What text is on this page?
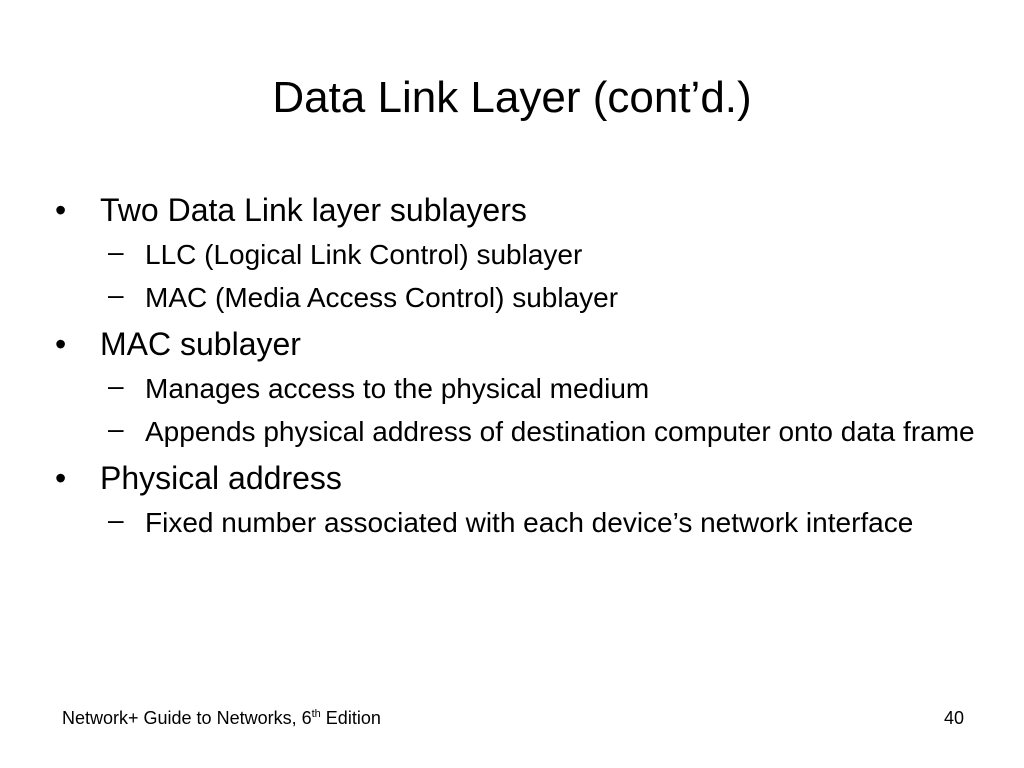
Data Link Layer (cont’d.)
• Two Data Link layer sublayers
– LLC (Logical Link Control) sublayer
– MAC (Media Access Control) sublayer
• MAC sublayer
– Manages access to the physical medium
– Appends physical address of destination computer onto data frame
• Physical address
– Fixed number associated with each device’s network interface
Network+ Guide to Networks, 6th Edition	40
